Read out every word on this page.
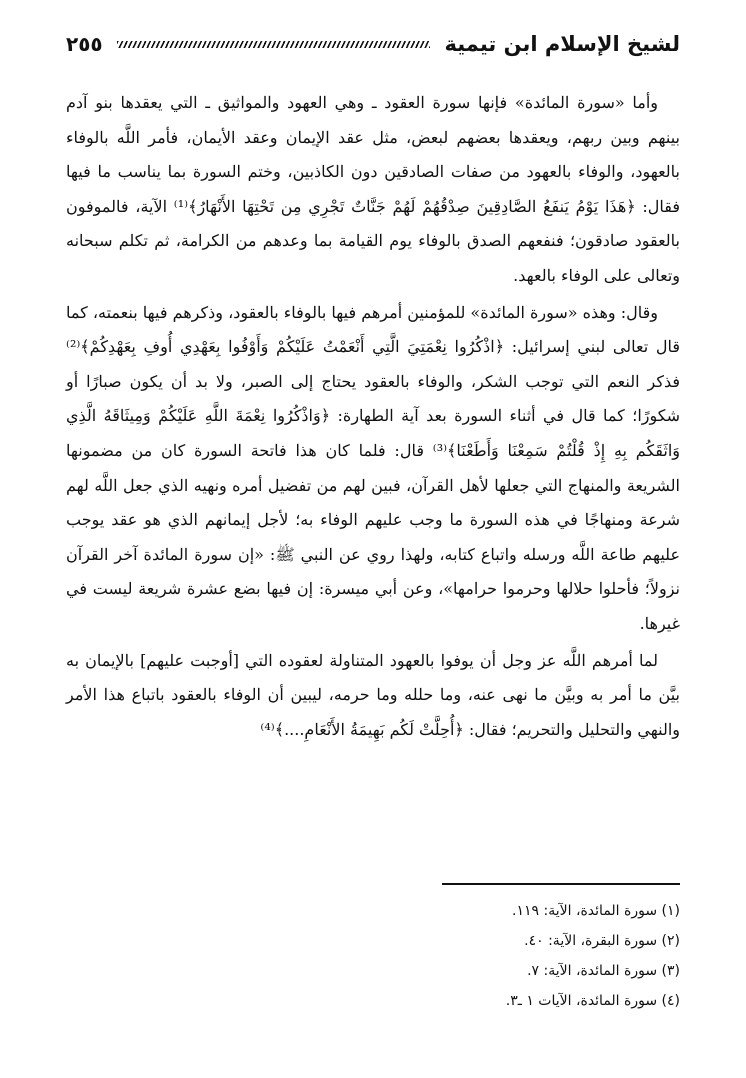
لشيخ الإسلام ابن تيمية
٢٥٥

وأما «سورة المائدة» فإنها سورة العقود ـ وهي العهود والمواثيق ـ التي يعقدها بنو آدم بينهم وبين ربهم، ويعقدها بعضهم لبعض، مثل عقد الإيمان وعقد الأيمان، فأمر اللَّه بالوفاء بالعهود، والوفاء بالعهود من صفات الصادقين دون الكاذبين، وختم السورة بما يناسب ما فيها فقال: ﴿هَذَا يَوْمُ يَنفَعُ الصَّادِقِينَ صِدْقُهُمْ لَهُمْ جَنَّاتٌ تَجْرِي مِن تَحْتِهَا الأَنْهَارُ﴾⁽¹⁾ الآية، فالموفون بالعقود صادقون؛ فنفعهم الصدق بالوفاء يوم القيامة بما وعدهم من الكرامة، ثم تكلم سبحانه وتعالى على الوفاء بالعهد.

وقال: وهذه «سورة المائدة» للمؤمنين أمرهم فيها بالوفاء بالعقود، وذكرهم فيها بنعمته، كما قال تعالى لبني إسرائيل: ﴿اذْكُرُوا نِعْمَتِيَ الَّتِي أَنْعَمْتُ عَلَيْكُمْ وَأَوْفُوا بِعَهْدِي أُوفِ بِعَهْدِكُمْ﴾⁽²⁾ فذكر النعم التي توجب الشكر، والوفاء بالعقود يحتاج إلى الصبر، ولا بد أن يكون صبارًا أو شكورًا؛ كما قال في أثناء السورة بعد آية الطهارة: ﴿وَاذْكُرُوا نِعْمَةَ اللَّهِ عَلَيْكُمْ وَمِيثَاقَهُ الَّذِي وَاثَقَكُم بِهِ إِذْ قُلْتُمْ سَمِعْنَا وَأَطَعْنَا﴾⁽³⁾ قال: فلما كان هذا فاتحة السورة كان من مضمونها الشريعة والمنهاج التي جعلها لأهل القرآن، فبين لهم من تفضيل أمره ونهيه الذي جعل اللَّه لهم شرعة ومنهاجًا في هذه السورة ما وجب عليهم الوفاء به؛ لأجل إيمانهم الذي هو عقد يوجب عليهم طاعة اللَّه ورسله واتباع كتابه، ولهذا روي عن النبي ﷺ: «إن سورة المائدة آخر القرآن نزولاً؛ فأحلوا حلالها وحرموا حرامها»، وعن أبي ميسرة: إن فيها بضع عشرة شريعة ليست في غيرها.

لما أمرهم اللَّه عز وجل أن يوفوا بالعهود المتناولة لعقوده التي [أوجبت عليهم] بالإيمان به بيَّن ما أمر به وبيَّن ما نهى عنه، وما حلله وما حرمه، ليبين أن الوفاء بالعقود باتباع هذا الأمر والنهي والتحليل والتحريم؛ فقال: ﴿أُحِلَّتْ لَكُم بَهِيمَةُ الأَنْعَامِ....﴾⁽⁴⁾

(١) سورة المائدة، الآية: ١١٩.
(٢) سورة البقرة، الآية: ٤٠.
(٣) سورة المائدة، الآية: ٧.
(٤) سورة المائدة، الآيات ١ ـ٣.
